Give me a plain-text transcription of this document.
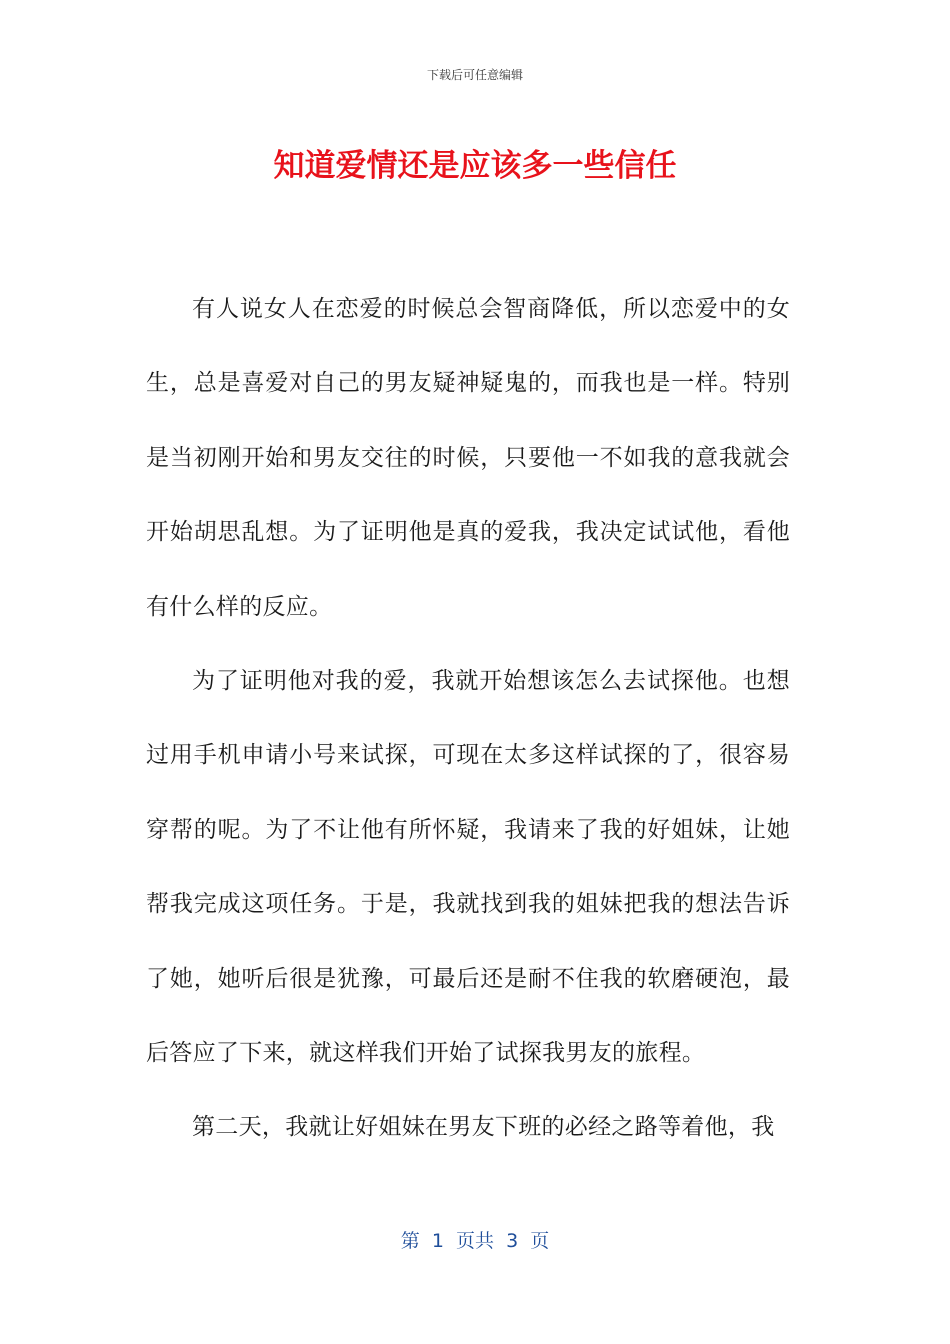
下载后可任意编辑
知道爱情还是应该多一些信任

有人说女人在恋爱的时候总会智商降低，所以恋爱中的女生，总是喜爱对自己的男友疑神疑鬼的，而我也是一样。特别是当初刚开始和男友交往的时候，只要他一不如我的意我就会开始胡思乱想。为了证明他是真的爱我，我决定试试他，看他有什么样的反应。

为了证明他对我的爱，我就开始想该怎么去试探他。也想过用手机申请小号来试探，可现在太多这样试探的了，很容易穿帮的呢。为了不让他有所怀疑，我请来了我的好姐妹，让她帮我完成这项任务。于是，我就找到我的姐妹把我的想法告诉了她，她听后很是犹豫，可最后还是耐不住我的软磨硬泡，最后答应了下来，就这样我们开始了试探我男友的旅程。

第二天，我就让好姐妹在男友下班的必经之路等着他，我

第  1  页共  3  页
